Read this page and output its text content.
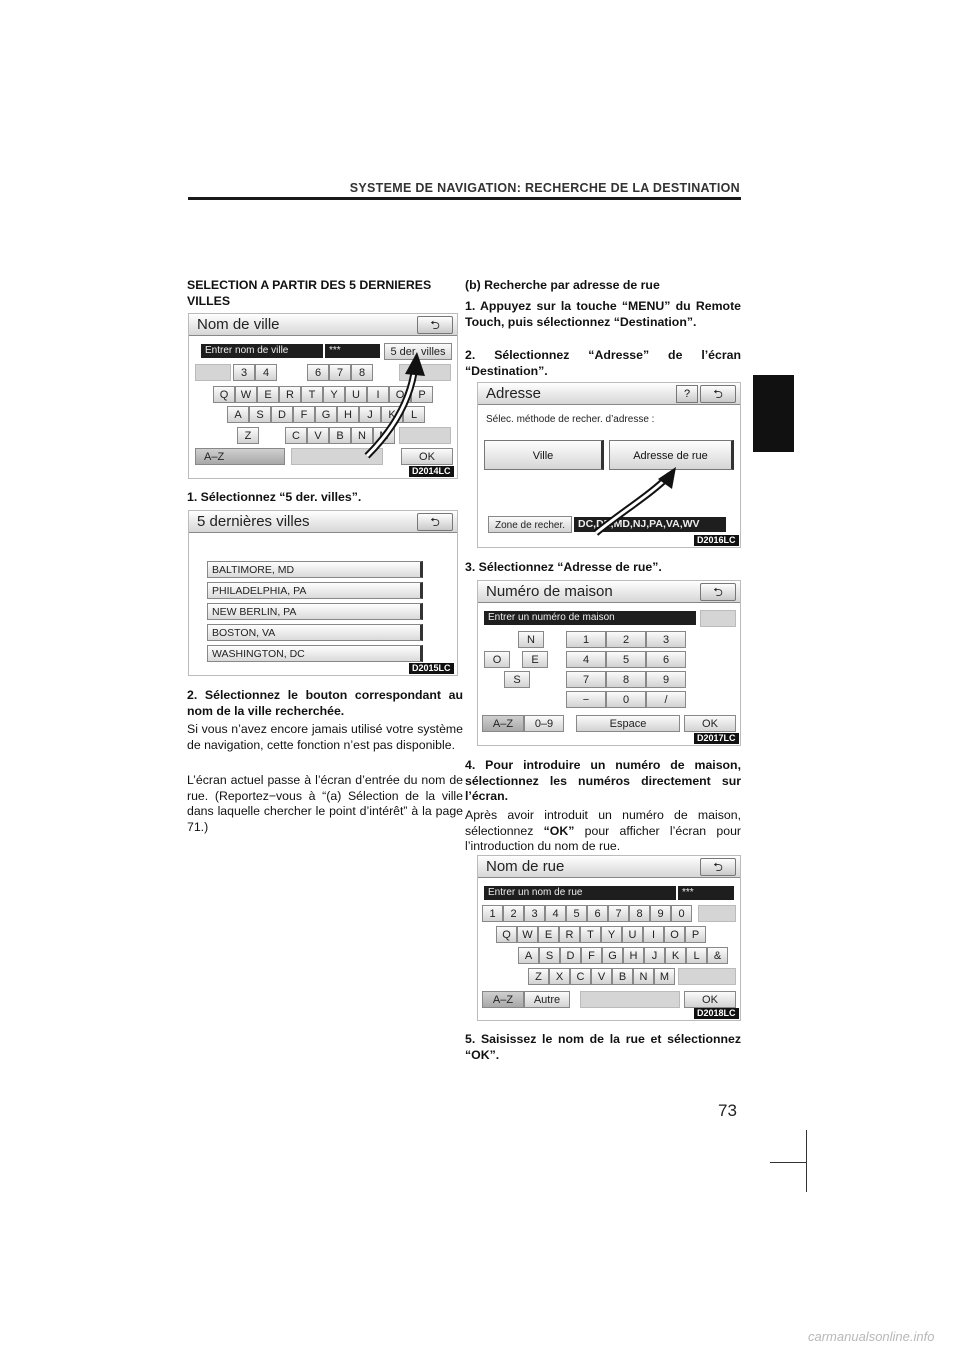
SYSTEME DE NAVIGATION: RECHERCHE DE LA DESTINATION
SELECTION A PARTIR DES 5 DERNIERES VILLES
Nom de ville	⮌
Entrer nom de ville	***	5 der. villes
3	4	6	7	8
Q	W	E	R	T	Y	U	I	O	P
A	S	D	F	G	H	J	K	L
Z	C	V	B	N	M
A–Z	OK
D2014LC
1. Sélectionnez “5 der. villes”.
5 dernières villes	⮌
BALTIMORE, MD
PHILADELPHIA, PA
NEW BERLIN, PA
BOSTON, VA
WASHINGTON, DC
D2015LC
2. Sélectionnez le bouton correspondant au nom de la ville recherchée.
Si vous n’avez encore jamais utilisé votre système de navigation, cette fonction n’est pas disponible.
L’écran actuel passe à l’écran d’entrée du nom de rue. (Reportez−vous à “(a) Sélection de la ville dans laquelle chercher le point d’intérêt” à la page 71.)
(b) Recherche par adresse de rue
1. Appuyez sur la touche “MENU” du Remote Touch, puis sélectionnez “Destination”.
2. Sélectionnez “Adresse” de l’écran “Destination”.
Adresse	?	⮌
Sélec. méthode de recher. d’adresse :
Ville	Adresse de rue
Zone de recher.	DC,DE,MD,NJ,PA,VA,WV
D2016LC
3. Sélectionnez “Adresse de rue”.
Numéro de maison	⮌
Entrer un numéro de maison
N
O	E
S
1	2	3
4	5	6
7	8	9
−	0	/
A–Z	0–9	Espace	OK
D2017LC
4. Pour introduire un numéro de maison, sélectionnez les numéros directement sur l’écran.
Après avoir introduit un numéro de maison, sélectionnez “OK” pour afficher l’écran pour l’introduction du nom de rue.
Nom de rue	⮌
Entrer un nom de rue	***
1	2	3	4	5	6	7	8	9	0
Q	W	E	R	T	Y	U	I	O	P
A	S	D	F	G	H	J	K	L	&
Z	X	C	V	B	N	M
A–Z	Autre	OK
D2018LC
5. Saisissez le nom de la rue et sélectionnez “OK”.
73
carmanualsonline.info
